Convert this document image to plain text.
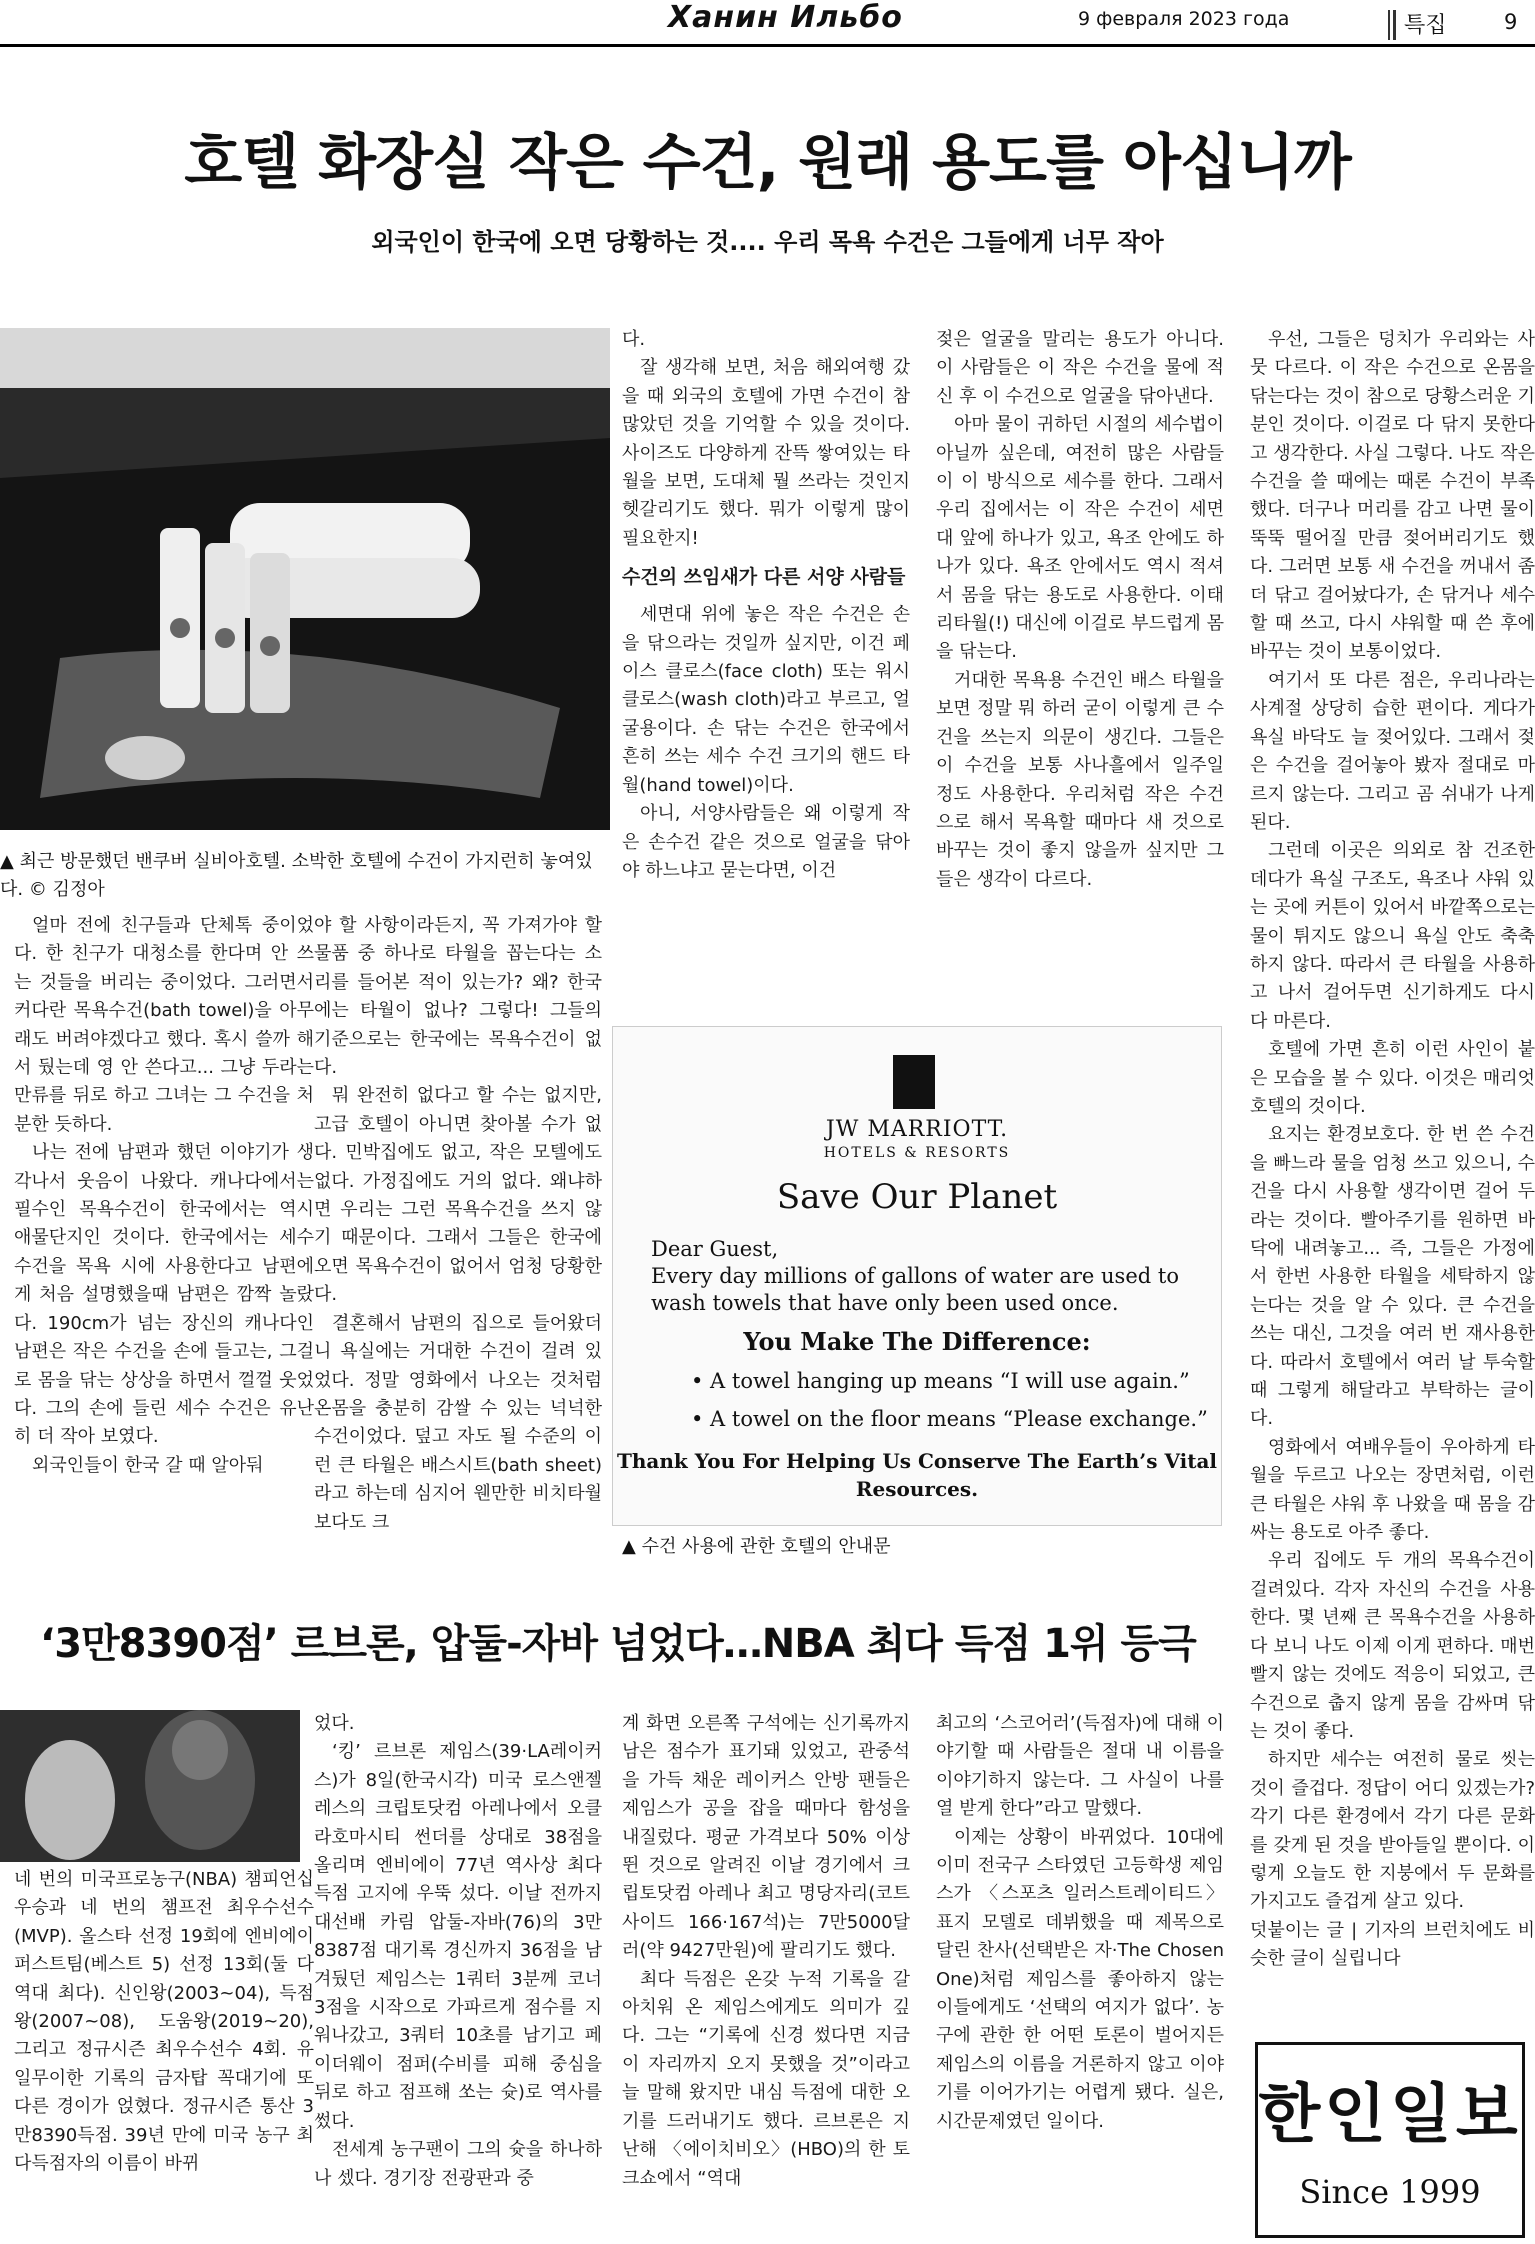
Ханин Ильбо	9 февраля 2023 года	특집	9
호텔 화장실 작은 수건, 원래 용도를 아십니까
외국인이 한국에 오면 당황하는 것.... 우리 목욕 수건은 그들에게 너무 작아
▲ 최근 방문했던 밴쿠버 실비아호텔. 소박한 호텔에 수건이 가지런히 놓여있다. © 김정아

얼마 전에 친구들과 단체톡 중이었다. 한 친구가 대청소를 한다며 안 쓰는 것들을 버리는 중이었다. 그러면서 커다란 목욕수건(bath towel)을 아무래도 버려야겠다고 했다. 혹시 쓸까 해서 뒀는데 영 안 쓴다고... 그냥 두라는 만류를 뒤로 하고 그녀는 그 수건을 처분한 듯하다.

나는 전에 남편과 했던 이야기가 생각나서 웃음이 나왔다. 캐나다에서는 필수인 목욕수건이 한국에서는 역시 애물단지인 것이다. 한국에서는 세수 수건을 목욕 시에 사용한다고 남편에게 처음 설명했을때 남편은 깜짝 놀랐다. 190cm가 넘는 장신의 캐나다인 남편은 작은 수건을 손에 들고는, 그걸로 몸을 닦는 상상을 하면서 껄껄 웃었다. 그의 손에 들린 세수 수건은 유난히 더 작아 보였다.

외국인들이 한국 갈 때 알아둬

야 할 사항이라든지, 꼭 가져가야 할 물품 중 하나로 타월을 꼽는다는 소리를 들어본 적이 있는가? 왜? 한국에는 타월이 없나? 그렇다! 그들의 기준으로는 한국에는 목욕수건이 없다.

뭐 완전히 없다고 할 수는 없지만, 고급 호텔이 아니면 찾아볼 수가 없다. 민박집에도 없고, 작은 모텔에도 없다. 가정집에도 거의 없다. 왜냐하면 우리는 그런 목욕수건을 쓰지 않기 때문이다. 그래서 그들은 한국에 오면 목욕수건이 없어서 엄청 당황한다.

결혼해서 남편의 집으로 들어왔더니 욕실에는 거대한 수건이 걸려 있었다. 정말 영화에서 나오는 것처럼 온몸을 충분히 감쌀 수 있는 넉넉한 수건이었다. 덮고 자도 될 수준의 이런 큰 타월은 배스시트(bath sheet)라고 하는데 심지어 웬만한 비치타월보다도 크

다.

잘 생각해 보면, 처음 해외여행 갔을 때 외국의 호텔에 가면 수건이 참 많았던 것을 기억할 수 있을 것이다. 사이즈도 다양하게 잔뜩 쌓여있는 타월을 보면, 도대체 뭘 쓰라는 것인지 헷갈리기도 했다. 뭐가 이렇게 많이 필요한지!

수건의 쓰임새가 다른 서양 사람들

세면대 위에 놓은 작은 수건은 손을 닦으라는 것일까 싶지만, 이건 페이스 클로스(face cloth) 또는 워시 클로스(wash cloth)라고 부르고, 얼굴용이다. 손 닦는 수건은 한국에서 흔히 쓰는 세수 수건 크기의 핸드 타월(hand towel)이다.

아니, 서양사람들은 왜 이렇게 작은 손수건 같은 것으로 얼굴을 닦아야 하느냐고 묻는다면, 이건

젖은 얼굴을 말리는 용도가 아니다. 이 사람들은 이 작은 수건을 물에 적신 후 이 수건으로 얼굴을 닦아낸다.

아마 물이 귀하던 시절의 세수법이 아닐까 싶은데, 여전히 많은 사람들이 이 방식으로 세수를 한다. 그래서 우리 집에서는 이 작은 수건이 세면대 앞에 하나가 있고, 욕조 안에도 하나가 있다. 욕조 안에서도 역시 적셔서 몸을 닦는 용도로 사용한다. 이태리타월(!) 대신에 이걸로 부드럽게 몸을 닦는다.

거대한 목욕용 수건인 배스 타월을 보면 정말 뭐 하러 굳이 이렇게 큰 수건을 쓰는지 의문이 생긴다. 그들은 이 수건을 보통 사나흘에서 일주일 정도 사용한다. 우리처럼 작은 수건으로 해서 목욕할 때마다 새 것으로 바꾸는 것이 좋지 않을까 싶지만 그들은 생각이 다르다.

우선, 그들은 덩치가 우리와는 사뭇 다르다. 이 작은 수건으로 온몸을 닦는다는 것이 참으로 당황스러운 기분인 것이다. 이걸로 다 닦지 못한다고 생각한다. 사실 그렇다. 나도 작은 수건을 쓸 때에는 때론 수건이 부족했다. 더구나 머리를 감고 나면 물이 뚝뚝 떨어질 만큼 젖어버리기도 했다. 그러면 보통 새 수건을 꺼내서 좀 더 닦고 걸어놨다가, 손 닦거나 세수할 때 쓰고, 다시 샤워할 때 쓴 후에 바꾸는 것이 보통이었다.

여기서 또 다른 점은, 우리나라는 사계절 상당히 습한 편이다. 게다가 욕실 바닥도 늘 젖어있다. 그래서 젖은 수건을 걸어놓아 봤자 절대로 마르지 않는다. 그리고 곰 쉬내가 나게 된다.

그런데 이곳은 의외로 참 건조한 데다가 욕실 구조도, 욕조나 샤워 있는 곳에 커튼이 있어서 바깥쪽으로는 물이 튀지도 않으니 욕실 안도 축축하지 않다. 따라서 큰 타월을 사용하고 나서 걸어두면 신기하게도 다시 다 마른다.

호텔에 가면 흔히 이런 사인이 붙은 모습을 볼 수 있다. 이것은 매리엇 호텔의 것이다.

요지는 환경보호다. 한 번 쓴 수건을 빠느라 물을 엄청 쓰고 있으니, 수건을 다시 사용할 생각이면 걸어 두라는 것이다. 빨아주기를 원하면 바닥에 내려놓고... 즉, 그들은 가정에서 한번 사용한 타월을 세탁하지 않는다는 것을 알 수 있다. 큰 수건을 쓰는 대신, 그것을 여러 번 재사용한다. 따라서 호텔에서 여러 날 투숙할 때 그렇게 해달라고 부탁하는 글이다.

영화에서 여배우들이 우아하게 타월을 두르고 나오는 장면처럼, 이런 큰 타월은 샤워 후 나왔을 때 몸을 감싸는 용도로 아주 좋다.

우리 집에도 두 개의 목욕수건이 걸려있다. 각자 자신의 수건을 사용한다. 몇 년째 큰 목욕수건을 사용하다 보니 나도 이제 이게 편하다. 매번 빨지 않는 것에도 적응이 되었고, 큰 수건으로 춥지 않게 몸을 감싸며 닦는 것이 좋다.

하지만 세수는 여전히 물로 씻는 것이 즐겁다. 정답이 어디 있겠는가? 각기 다른 환경에서 각기 다른 문화를 갖게 된 것을 받아들일 뿐이다. 이렇게 오늘도 한 지붕에서 두 문화를 가지고도 즐겁게 살고 있다.

덧붙이는 글 | 기자의 브런치에도 비슷한 글이 실립니다

JW MARRIOTT.
HOTELS & RESORTS
Save Our Planet
Dear Guest,
Every day millions of gallons of water are used to wash towels that have only been used once.
You Make The Difference:
• A towel hanging up means “I will use again.”
• A towel on the floor means “Please exchange.”
Thank You For Helping Us Conserve The Earth’s Vital Resources.
▲ 수건 사용에 관한 호텔의 안내문
‘3만8390점’ 르브론, 압둘-자바 넘었다…NBA 최다 득점 1위 등극

네 번의 미국프로농구(NBA) 챔피언십 우승과 네 번의 챔프전 최우수선수(MVP). 올스타 선정 19회에 엔비에이 퍼스트팀(베스트 5) 선정 13회(둘 다 역대 최다). 신인왕(2003~04), 득점왕(2007~08), 도움왕(2019~20), 그리고 정규시즌 최우수선수 4회. 유일무이한 기록의 금자탑 꼭대기에 또 다른 경이가 얹혔다. 정규시즌 통산 3만8390득점. 39년 만에 미국 농구 최다득점자의 이름이 바뀌

었다.

‘킹’ 르브론 제임스(39·LA레이커스)가 8일(한국시각) 미국 로스앤젤레스의 크립토닷컴 아레나에서 오클라호마시티 썬더를 상대로 38점을 올리며 엔비에이 77년 역사상 최다 득점 고지에 우뚝 섰다. 이날 전까지 대선배 카림 압둘-자바(76)의 3만8387점 대기록 경신까지 36점을 남겨뒀던 제임스는 1쿼터 3분께 코너 3점을 시작으로 가파르게 점수를 지워나갔고, 3쿼터 10초를 남기고 페이더웨이 점퍼(수비를 피해 중심을 뒤로 하고 점프해 쏘는 슛)로 역사를 썼다.

전세계 농구팬이 그의 슛을 하나하나 셌다. 경기장 전광판과 중

계 화면 오른쪽 구석에는 신기록까지 남은 점수가 표기돼 있었고, 관중석을 가득 채운 레이커스 안방 팬들은 제임스가 공을 잡을 때마다 함성을 내질렀다. 평균 가격보다 50% 이상 뛴 것으로 알려진 이날 경기에서 크립토닷컴 아레나 최고 명당자리(코트사이드 166·167석)는 7만5000달러(약 9427만원)에 팔리기도 했다.

최다 득점은 온갖 누적 기록을 갈아치워 온 제임스에게도 의미가 깊다. 그는 “기록에 신경 썼다면 지금 이 자리까지 오지 못했을 것”이라고 늘 말해 왔지만 내심 득점에 대한 오기를 드러내기도 했다. 르브론은 지난해 〈에이치비오〉(HBO)의 한 토크쇼에서 “역대

최고의 ‘스코어러’(득점자)에 대해 이야기할 때 사람들은 절대 내 이름을 이야기하지 않는다. 그 사실이 나를 열 받게 한다”라고 말했다.

이제는 상황이 바뀌었다. 10대에 이미 전국구 스타였던 고등학생 제임스가 〈스포츠 일러스트레이티드〉 표지 모델로 데뷔했을 때 제목으로 달린 찬사(선택받은 자·The Chosen One)처럼 제임스를 좋아하지 않는 이들에게도 ‘선택의 여지가 없다’. 농구에 관한 한 어떤 토론이 벌어지든 제임스의 이름을 거론하지 않고 이야기를 이어가기는 어렵게 됐다. 실은, 시간문제였던 일이다.	한인일보
Since 1999
